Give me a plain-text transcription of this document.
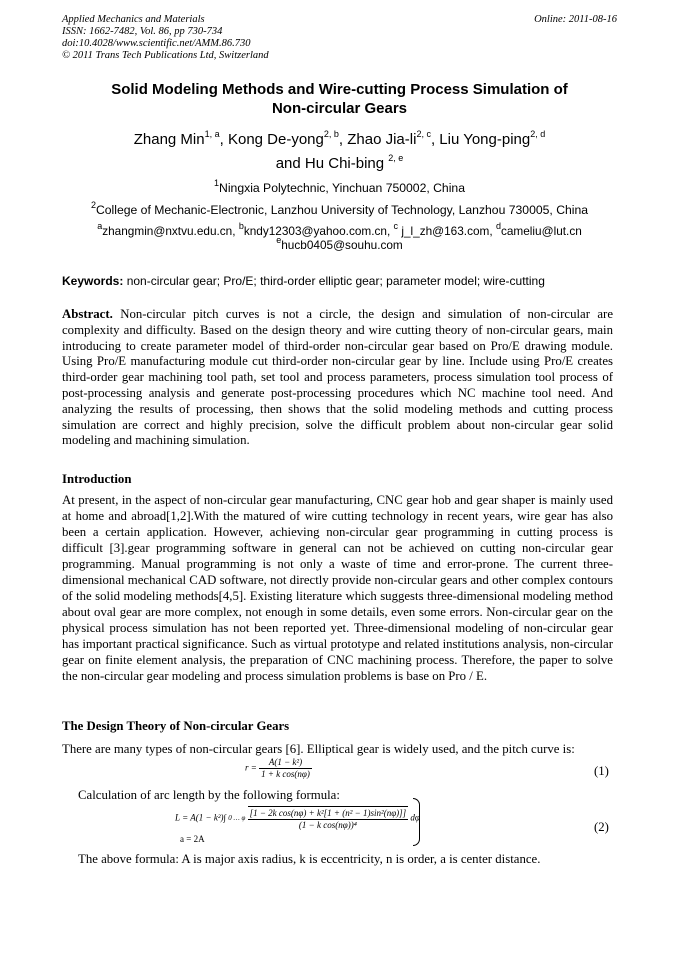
Applied Mechanics and Materials
ISSN: 1662-7482, Vol. 86, pp 730-734
doi:10.4028/www.scientific.net/AMM.86.730
© 2011 Trans Tech Publications Ltd, Switzerland
Online: 2011-08-16
Solid Modeling Methods and Wire-cutting Process Simulation of
Non-circular Gears
Zhang Min$^{1, a}$, Kong De-yong$^{2, b}$, Zhao Jia-li$^{2, c}$, Liu Yong-ping$^{2, d}$
and Hu Chi-bing $^{2, e}$
$^1$Ningxia Polytechnic, Yinchuan 750002, China
$^2$College of Mechanic-Electronic, Lanzhou University of Technology, Lanzhou 730005, China
$^a$zhangmin@nxtvu.edu.cn, $^b$kndy12303@yahoo.com.cn, $^c$ j_l_zh@163.com, $^d$cameliu@lut.cn
$^e$hucb0405@souhu.com
Keywords: non-circular gear; Pro/E; third-order elliptic gear; parameter model; wire-cutting
Abstract. Non-circular pitch curves is not a circle, the design and simulation of non-circular are complexity and difficulty. Based on the design theory and wire cutting theory of non-circular gears, main introducing to create parameter model of third-order non-circular gear based on Pro/E drawing module. Using Pro/E manufacturing module cut third-order non-circular gear by line. Include using Pro/E creates third-order gear machining tool path, set tool and process parameters, process simulation tool process of post-processing analysis and generate post-processing procedures which NC machine tool need. And analyzing the results of processing, then shows that the solid modeling methods and cutting process simulation are correct and highly precision, solve the difficult problem about non-circular gear solid modeling and machining simulation.
Introduction
At present, in the aspect of non-circular gear manufacturing, CNC gear hob and gear shaper is mainly used at home and abroad[1,2].With the matured of wire cutting technology in recent years, wire gear has also been a certain application. However, achieving non-circular gear programming in cutting process is difficult [3].gear programming software in general can not be achieved on cutting non-circular gear programming. Manual programming is not only a waste of time and error-prone. The current three-dimensional mechanical CAD software, not directly provide non-circular gears and other complex contours of the solid modeling methods[4,5]. Existing literature which suggests three-dimensional modeling method about oval gear are more complex, not enough in some details, even some errors. Non-circular gear on the physical process simulation has not been reported yet. Three-dimensional modeling of non-circular gear has important practical significance. Such as virtual prototype and related institutions analysis, non-circular gear on finite element analysis, the preparation of CNC machining process. Therefore, the paper to solve the non-circular gear modeling and process simulation problems is base on Pro / E.
The Design Theory of Non-circular Gears
There are many types of non-circular gears [6]. Elliptical gear is widely used, and the pitch curve is:
$r = \frac{\text{A(1 − k²)}}{\text{1 + k cos(nφ)}}$	(1)
Calculation of arc length by the following formula:
L = A(1 − k²)∫ 0 … φ $\frac{\text{[1 − 2k cos(nφ) + k²[1 + (n² − 1)sin²(nφ)]]}}{\text{(1 − k cos(nφ))⁴}}$ dφ
a = 2A
(2)
The above formula: A is major axis radius, k is eccentricity, n is order, a is center distance.
